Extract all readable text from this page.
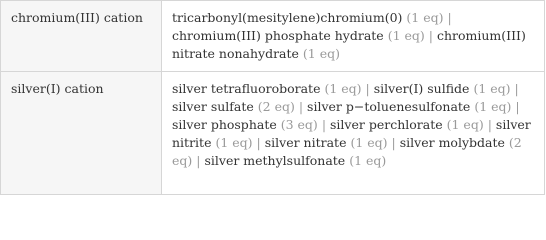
chromium(III) cation	tricarbonyl(mesitylene)chromium(0) (1 eq) | chromium(III) phosphate hydrate (1 eq) | chromium(III) nitrate nonahydrate (1 eq)
silver(I) cation	silver tetrafluoroborate (1 eq) | silver(I) sulfide (1 eq) | silver sulfate (2 eq) | silver p−toluenesulfonate (1 eq) | silver phosphate (3 eq) | silver perchlorate (1 eq) | silver nitrite (1 eq) | silver nitrate (1 eq) | silver molybdate (2 eq) | silver methylsulfonate (1 eq)
